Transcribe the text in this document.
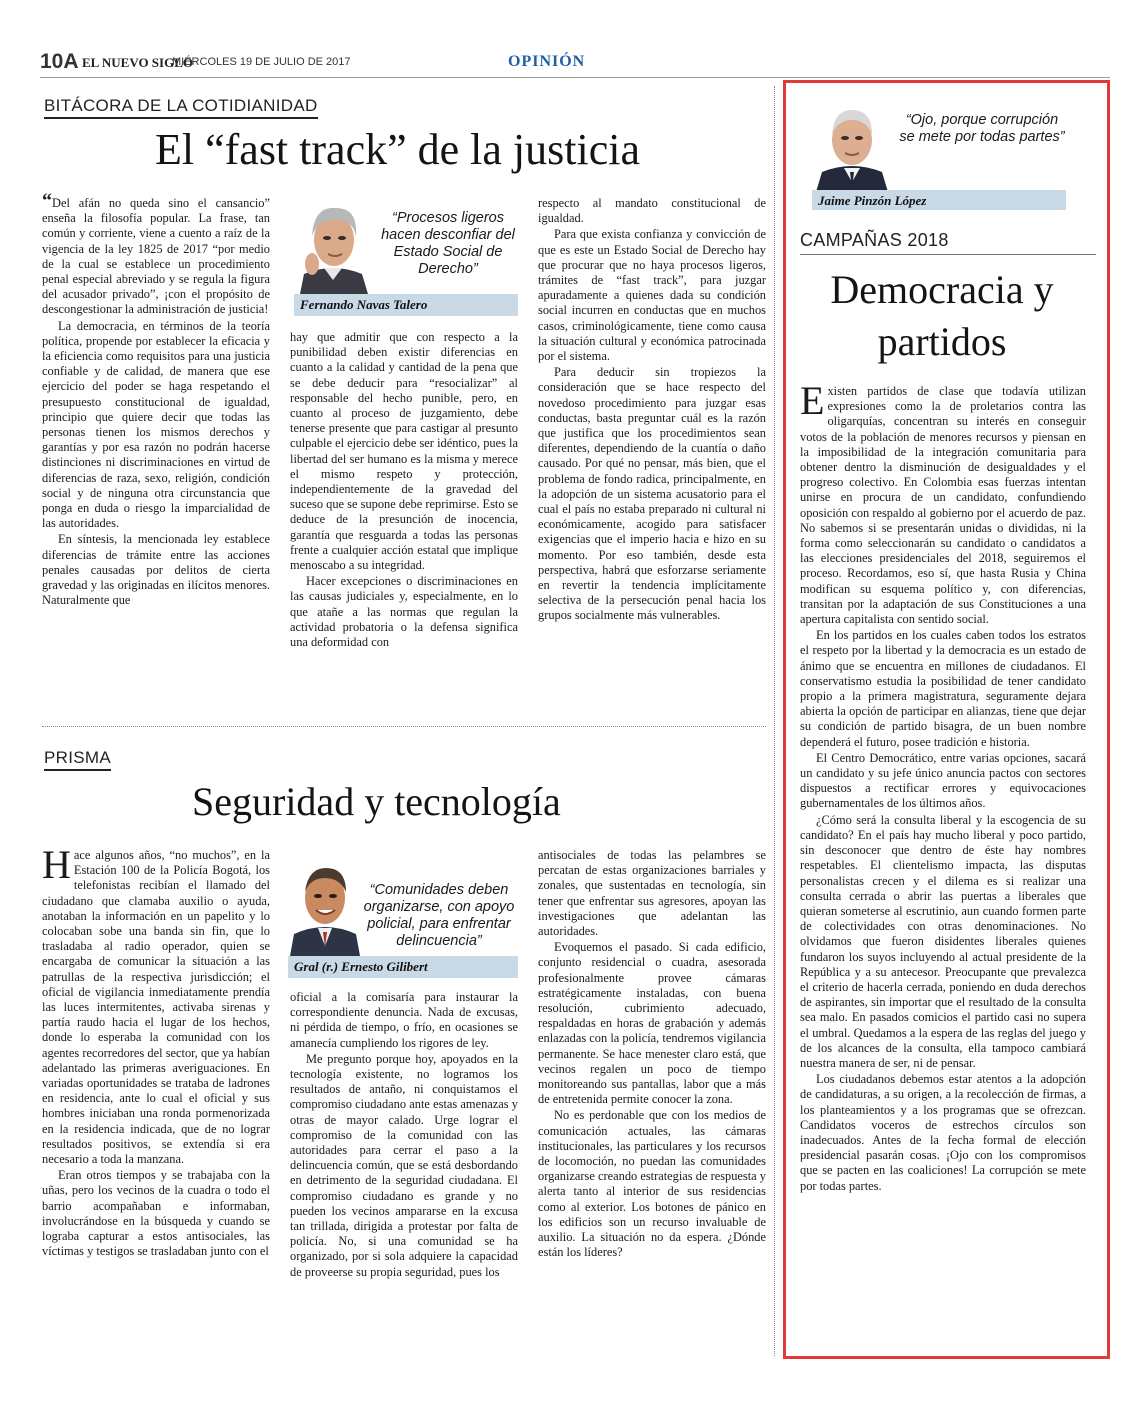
10A EL NUEVO SIGLO
MIÉRCOLES 19 DE JULIO DE 2017	OPINIÓN
BITÁCORA DE LA COTIDIANIDAD
El “fast track” de la justicia

“Del afán no queda sino el cansancio” enseña la filosofía popular. La frase, tan común y corriente, viene a cuento a raíz de la vigencia de la ley 1825 de 2017 “por medio de la cual se establece un procedimiento penal especial abreviado y se regula la figura del acusador privado”, ¡con el propósito de descongestionar la administración de justicia!

La democracia, en términos de la teoría política, propende por establecer la eficacia y la eficiencia como requisitos para una justicia confiable y de calidad, de manera que ese ejercicio del poder se haga respetando el presupuesto constitucional de igualdad, principio que quiere decir que todas las personas tienen los mismos derechos y garantías y por esa razón no podrán hacerse distinciones ni discriminaciones en virtud de diferencias de raza, sexo, religión, condición social y de ninguna otra circunstancia que ponga en duda o riesgo la imparcialidad de las autoridades.

En síntesis, la mencionada ley establece diferencias de trámite entre las acciones penales causadas por delitos de cierta gravedad y las originadas en ilícitos menores. Naturalmente que

“Procesos ligeros hacen desconfiar del Estado Social de Derecho”
Fernando Navas Talero

hay que admitir que con respecto a la punibilidad deben existir diferencias en cuanto a la calidad y cantidad de la pena que se debe deducir para “resocializar” al responsable del hecho punible, pero, en cuanto al proceso de juzgamiento, debe tenerse presente que para castigar al presunto culpable el ejercicio debe ser idéntico, pues la libertad del ser humano es la misma y merece el mismo respeto y protección, independientemente de la gravedad del suceso que se supone debe reprimirse. Esto se deduce de la presunción de inocencia, garantía que resguarda a todas las personas frente a cualquier acción estatal que implique menoscabo a su integridad.

Hacer excepciones o discriminaciones en las causas judiciales y, especialmente, en lo que atañe a las normas que regulan la actividad probatoria o la defensa significa una deformidad con

respecto al mandato constitucional de igualdad.

Para que exista confianza y convicción de que es este un Estado Social de Derecho hay que procurar que no haya procesos ligeros, trámites de “fast track”, para juzgar apuradamente a quienes dada su condición social incurren en conductas que en muchos casos, criminológicamente, tiene como causa la situación cultural y económica patrocinada por el sistema.

Para deducir sin tropiezos la consideración que se hace respecto del novedoso procedimiento para juzgar esas conductas, basta preguntar cuál es la razón que justifica que los procedimientos sean diferentes, dependiendo de la cuantía o daño causado. Por qué no pensar, más bien, que el problema de fondo radica, principalmente, en la adopción de un sistema acusatorio para el cual el país no estaba preparado ni cultural ni económicamente, acogido para satisfacer exigencias que el imperio hacia e hizo en su momento. Por eso también, desde esta perspectiva, habrá que esforzarse seriamente en revertir la tendencia implícitamente selectiva de la persecución penal hacia los grupos socialmente más vulnerables.

PRISMA
Seguridad y tecnología

Hace algunos años, “no muchos”, en la Estación 100 de la Policía Bogotá, los telefonistas recibían el llamado del ciudadano que clamaba auxilio o ayuda, anotaban la información en un papelito y lo colocaban sobe una banda sin fin, que lo trasladaba al radio operador, quien se encargaba de comunicar la situación a las patrullas de la respectiva jurisdicción; el oficial de vigilancia inmediatamente prendía las luces intermitentes, activaba sirenas y partía raudo hacia el lugar de los hechos, donde lo esperaba la comunidad con los agentes recorredores del sector, que ya habían adelantado las primeras averiguaciones. En variadas oportunidades se trataba de ladrones en residencia, ante lo cual el oficial y sus hombres iniciaban una ronda pormenorizada en la residencia indicada, que de no lograr resultados positivos, se extendía si era necesario a toda la manzana.

Eran otros tiempos y se trabajaba con la uñas, pero los vecinos de la cuadra o todo el barrio acompañaban e informaban, involucrándose en la búsqueda y cuando se lograba capturar a estos antisociales, las víctimas y testigos se trasladaban junto con el

“Comunidades deben organizarse, con apoyo policial, para enfrentar delincuencia”
Gral (r.) Ernesto Gilibert

oficial a la comisaría para instaurar la correspondiente denuncia. Nada de excusas, ni pérdida de tiempo, o frío, en ocasiones se amanecía cumpliendo los rigores de ley.

Me pregunto porque hoy, apoyados en la tecnología existente, no logramos los resultados de antaño, ni conquistamos el compromiso ciudadano ante estas amenazas y otras de mayor calado. Urge lograr el compromiso de la comunidad con las autoridades para cerrar el paso a la delincuencia común, que se está desbordando en detrimento de la seguridad ciudadana. El compromiso ciudadano es grande y no pueden los vecinos ampararse en la excusa tan trillada, dirigida a protestar por falta de policía. No, si una comunidad se ha organizado, por si sola adquiere la capacidad de proveerse su propia seguridad, pues los

antisociales de todas las pelambres se percatan de estas organizaciones barriales y zonales, que sustentadas en tecnología, sin tener que enfrentar sus agresores, apoyan las investigaciones que adelantan las autoridades.

Evoquemos el pasado. Si cada edificio, conjunto residencial o cuadra, asesorada profesionalmente provee cámaras estratégicamente instaladas, con buena resolución, cubrimiento adecuado, respaldadas en horas de grabación y además enlazadas con la policía, tendremos vigilancia permanente. Se hace menester claro está, que vecinos regalen un poco de tiempo monitoreando sus pantallas, labor que a más de entretenida permite conocer la zona.

No es perdonable que con los medios de comunicación actuales, las cámaras institucionales, las particulares y los recursos de locomoción, no puedan las comunidades organizarse creando estrategias de respuesta y alerta tanto al interior de sus residencias como al exterior. Los botones de pánico en los edificios son un recurso invaluable de auxilio. La situación no da espera. ¿Dónde están los líderes?

“Ojo, porque corrupción se mete por todas partes”
Jaime Pinzón López
CAMPAÑAS 2018
Democracia y
partidos

Existen partidos de clase que todavía utilizan expresiones como la de proletarios contra las oligarquías, concentran su interés en conseguir votos de la población de menores recursos y piensan en la imposibilidad de la integración comunitaria para obtener dentro la disminución de desigualdades y el progreso colectivo. En Colombia esas fuerzas intentan unirse en procura de un candidato, confundiendo oposición con respaldo al gobierno por el acuerdo de paz. No sabemos si se presentarán unidas o divididas, ni la forma como seleccionarán su candidato o candidatos a las elecciones presidenciales del 2018, seguiremos el proceso. Recordamos, eso sí, que hasta Rusia y China modifican su esquema político y, con diferencias, transitan por la adaptación de sus Constituciones a una apertura capitalista con sentido social.

En los partidos en los cuales caben todos los estratos el respeto por la libertad y la democracia es un estado de ánimo que se encuentra en millones de ciudadanos. El conservatismo estudia la posibilidad de tener candidato propio a la primera magistratura, seguramente dejara abierta la opción de participar en alianzas, tiene que dejar su condición de partido bisagra, de un buen nombre dependerá el futuro, posee tradición e historia.

El Centro Democrático, entre varias opciones, sacará un candidato y su jefe único anuncia pactos con sectores dispuestos a rectificar errores y equivocaciones gubernamentales de los últimos años.

¿Cómo será la consulta liberal y la escogencia de su candidato? En el país hay mucho liberal y poco partido, sin desconocer que dentro de éste hay nombres respetables. El clientelismo impacta, las disputas personalistas crecen y el dilema es si realizar una consulta cerrada o abrir las puertas a liberales que quieran someterse al escrutinio, aun cuando formen parte de colectividades con otras denominaciones. No olvidamos que fueron disidentes liberales quienes fundaron los suyos incluyendo al actual presidente de la República y a su antecesor. Preocupante que prevalezca el criterio de hacerla cerrada, poniendo en duda derechos de aspirantes, sin importar que el resultado de la consulta sea malo. En pasados comicios el partido casi no supera el umbral. Quedamos a la espera de las reglas del juego y de los alcances de la consulta, ella tampoco cambiará nuestra manera de ser, ni de pensar.

Los ciudadanos debemos estar atentos a la adopción de candidaturas, a su origen, a la recolección de firmas, a los planteamientos y a los programas que se ofrezcan. Candidatos voceros de estrechos círculos son inadecuados. Antes de la fecha formal de elección presidencial pasarán cosas. ¡Ojo con los compromisos que se pacten en las coaliciones! La corrupción se mete por todas partes.
